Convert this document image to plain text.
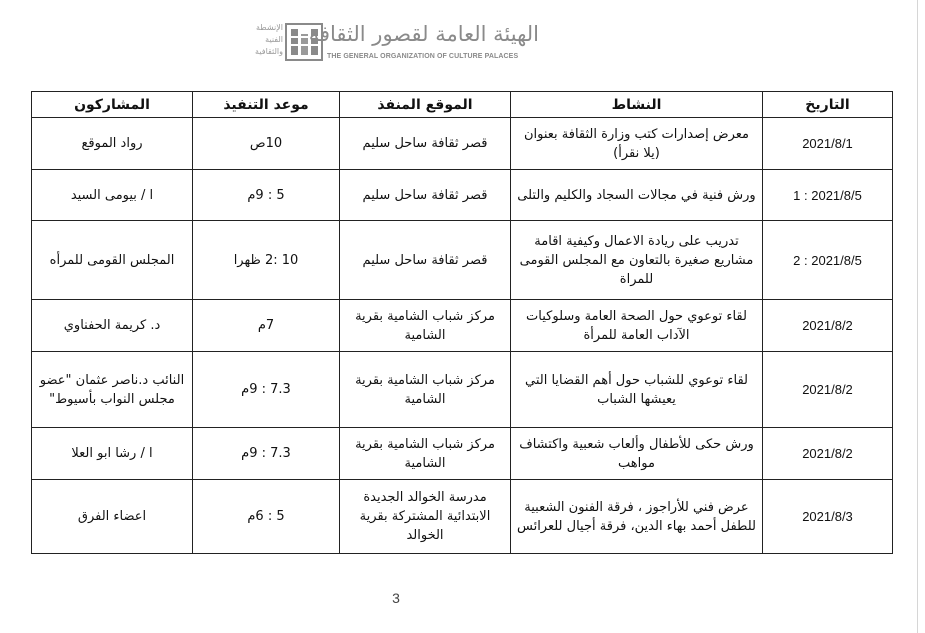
الإنشطة
الفنية
والثقافية
الهيئة العامة لقصور الثقافة
THE GENERAL ORGANIZATION OF CULTURE PALACES
التاريخ	النشاط	الموقع المنفذ	موعد التنفيذ	المشاركون
2021/8/1	معرض إصدارات كتب وزارة الثقافة بعنوان (يلا نقرأ)	قصر ثقافة ساحل سليم	10ص	رواد الموقع
2021/8/5 : 1	ورش فنية في مجالات السجاد والكليم والتلى	قصر ثقافة ساحل سليم	5 : 9م	ا / بيومى السيد
2021/8/5 : 2	تدريب على ريادة الاعمال وكيفية اقامة مشاريع صغيرة بالتعاون مع المجلس القومى للمراة	قصر ثقافة ساحل سليم	10 :2 ظهرا	المجلس القومى للمرأه
2021/8/2	لقاء توعوي حول الصحة العامة وسلوكيات الآداب العامة للمرأة	مركز شباب الشامية بقرية الشامية	7م	د. كريمة الحفناوي
2021/8/2	لقاء توعوي للشباب حول أهم القضايا التي يعيشها الشباب	مركز شباب الشامية بقرية الشامية	7.3 : 9م	النائب د.ناصر عثمان "عضو مجلس النواب بأسيوط"
2021/8/2	ورش حكى للأطفال وألعاب شعبية واكتشاف مواهب	مركز شباب الشامية بقرية الشامية	7.3 : 9م	ا / رشا ابو العلا
2021/8/3	عرض فني للأراجوز ، فرقة الفنون الشعبية للطفل أحمد بهاء الدين، فرقة أجيال للعرائس	مدرسة الخوالد الجديدة الابتدائية المشتركة بقرية الخوالد	5 : 6م	اعضاء الفرق
3
